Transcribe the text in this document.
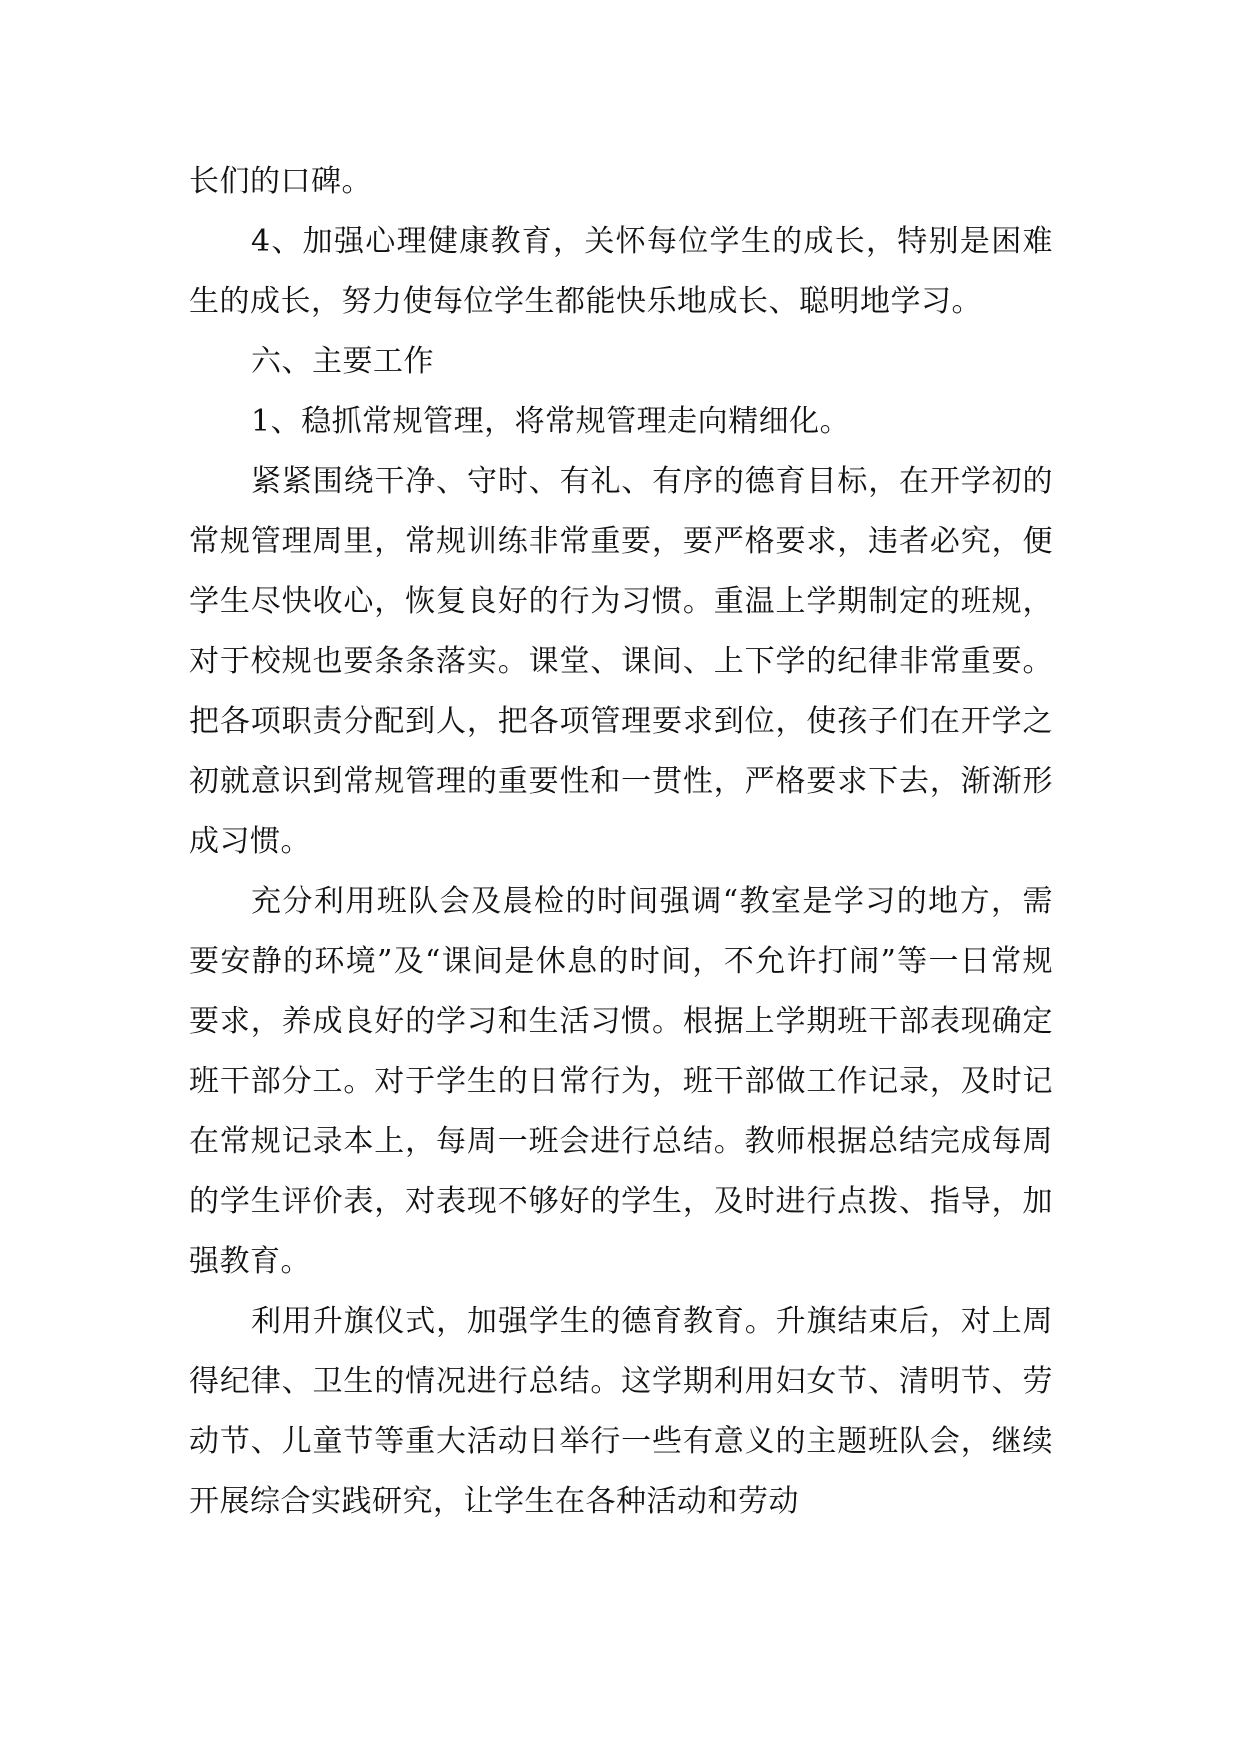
长们的口碑。

4、加强心理健康教育，关怀每位学生的成长，特别是困难生的成长，努力使每位学生都能快乐地成长、聪明地学习。

六、主要工作

1、稳抓常规管理，将常规管理走向精细化。

紧紧围绕干净、守时、有礼、有序的德育目标，在开学初的常规管理周里，常规训练非常重要，要严格要求，违者必究，便学生尽快收心，恢复良好的行为习惯。重温上学期制定的班规，对于校规也要条条落实。课堂、课间、上下学的纪律非常重要。把各项职责分配到人，把各项管理要求到位，使孩子们在开学之初就意识到常规管理的重要性和一贯性，严格要求下去，渐渐形成习惯。

充分利用班队会及晨检的时间强调“教室是学习的地方，需要安静的环境”及“课间是休息的时间，不允许打闹”等一日常规要求，养成良好的学习和生活习惯。根据上学期班干部表现确定班干部分工。对于学生的日常行为，班干部做工作记录，及时记在常规记录本上，每周一班会进行总结。教师根据总结完成每周的学生评价表，对表现不够好的学生，及时进行点拨、指导，加强教育。

利用升旗仪式，加强学生的德育教育。升旗结束后，对上周得纪律、卫生的情况进行总结。这学期利用妇女节、清明节、劳动节、儿童节等重大活动日举行一些有意义的主题班队会，继续开展综合实践研究，让学生在各种活动和劳动
